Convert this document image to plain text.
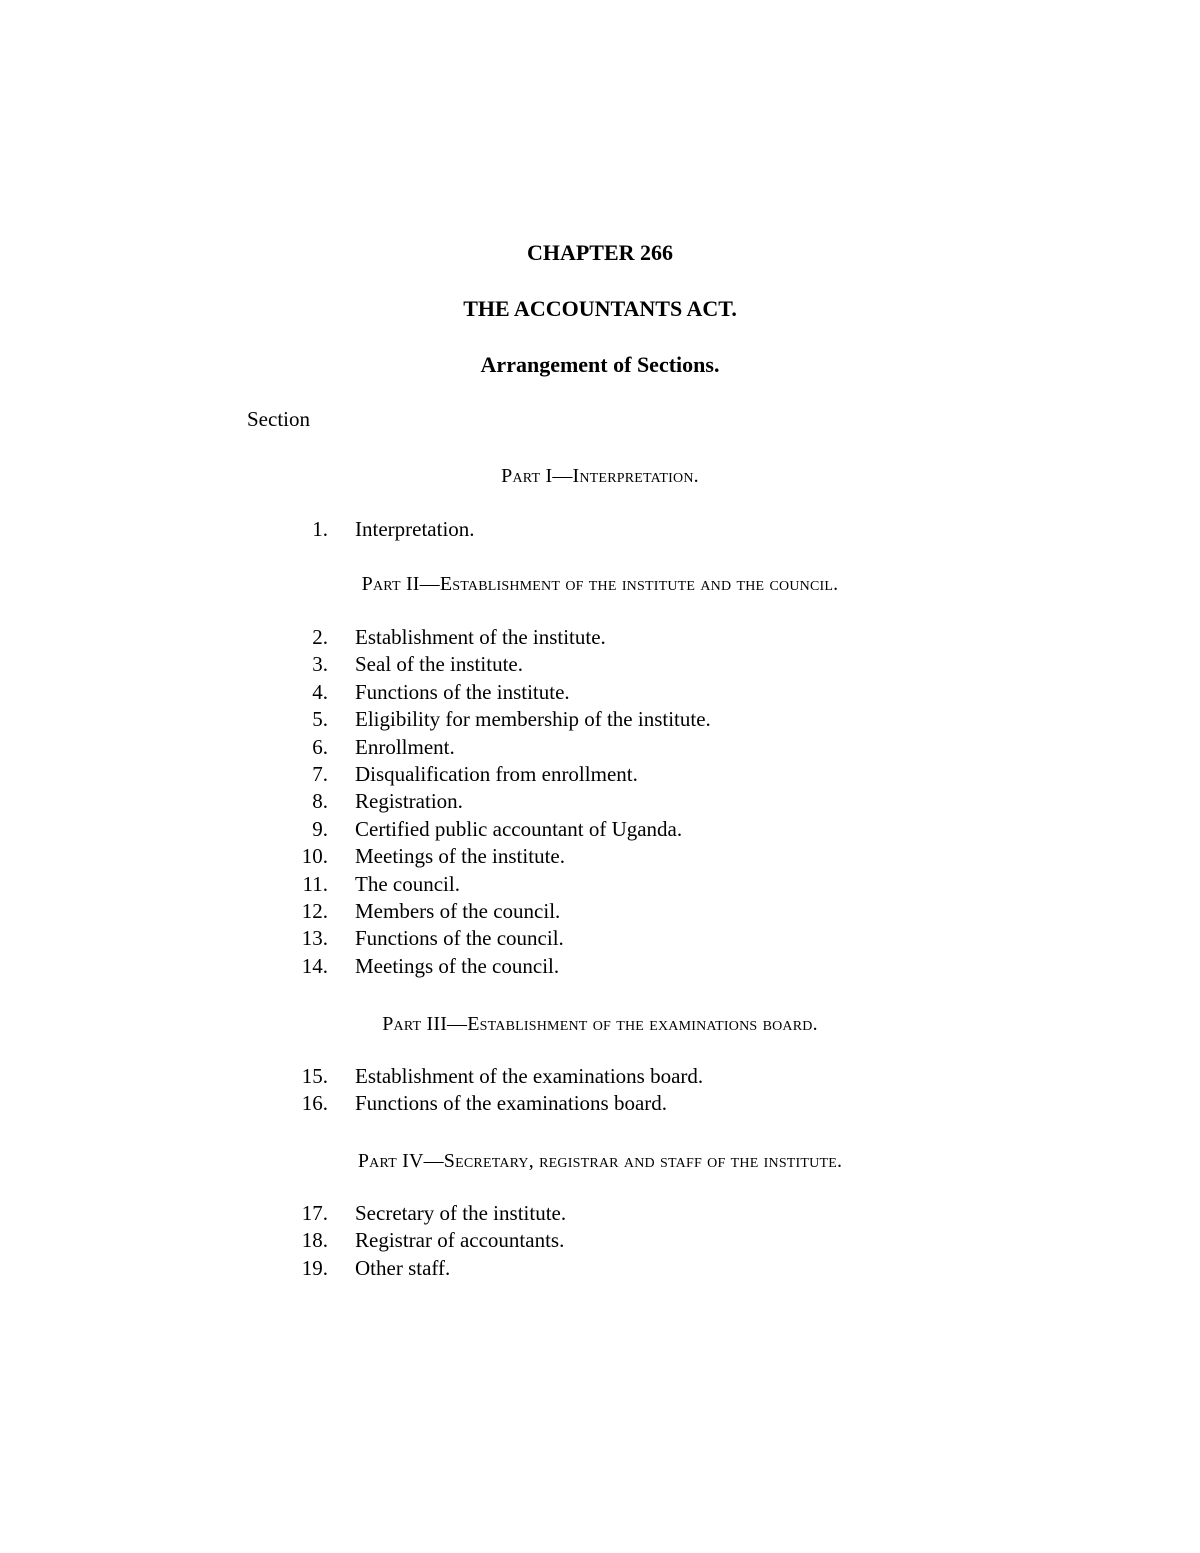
CHAPTER 266
THE ACCOUNTANTS ACT.
Arrangement of Sections.
Section
Part I—Interpretation.
1. Interpretation.
Part II—Establishment of the institute and the council.
2. Establishment of the institute.
3. Seal of the institute.
4. Functions of the institute.
5. Eligibility for membership of the institute.
6. Enrollment.
7. Disqualification from enrollment.
8. Registration.
9. Certified public accountant of Uganda.
10. Meetings of the institute.
11. The council.
12. Members of the council.
13. Functions of the council.
14. Meetings of the council.
Part III—Establishment of the examinations board.
15. Establishment of the examinations board.
16. Functions of the examinations board.
Part IV—Secretary, registrar and staff of the institute.
17. Secretary of the institute.
18. Registrar of accountants.
19. Other staff.
